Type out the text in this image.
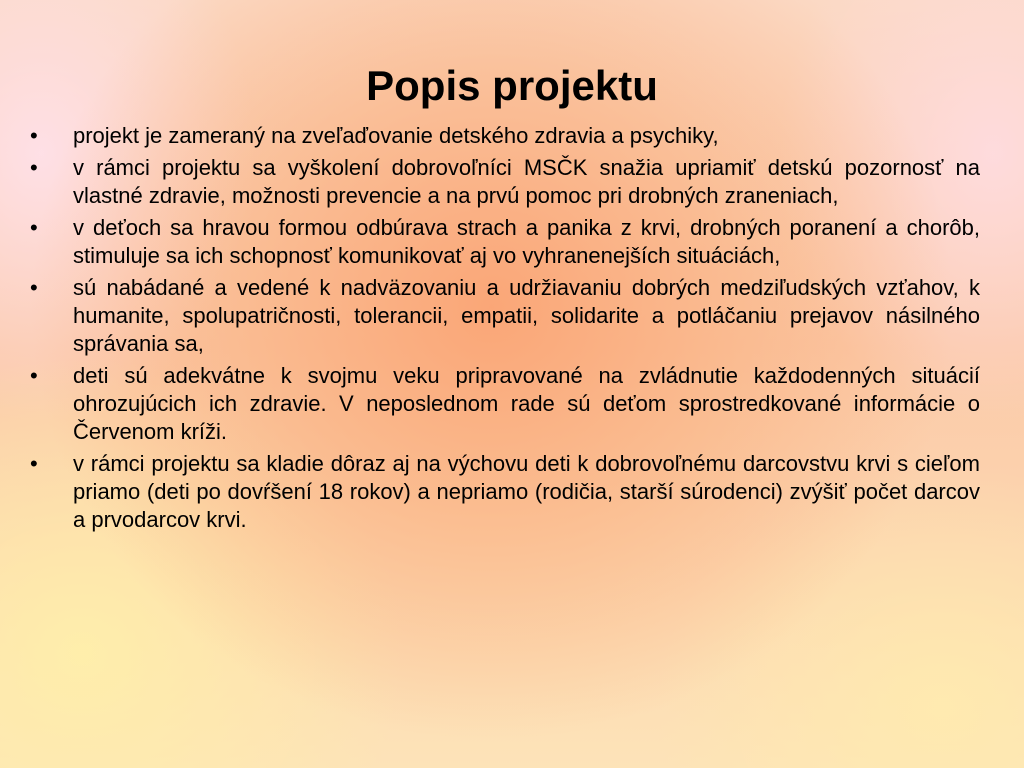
Popis projektu
•	projekt je zameraný na zveľaďovanie detského zdravia a psychiky,
•	v rámci projektu sa vyškolení dobrovoľníci MSČK snažia upriamiť detskú pozornosť na vlastné zdravie, možnosti prevencie a na prvú pomoc pri drobných zraneniach,
•	v deťoch sa hravou formou odbúrava strach a panika z krvi, drobných poranení a chorôb, stimuluje sa ich schopnosť komunikovať aj vo vyhranenejších situáciách,
•	sú nabádané a vedené k nadväzovaniu a udržiavaniu dobrých medziľudských vzťahov, k humanite, spolupatričnosti, tolerancii, empatii, solidarite a potláčaniu prejavov násilného správania sa,
•	deti sú adekvátne k svojmu veku pripravované na zvládnutie každodenných situácií ohrozujúcich ich zdravie. V neposlednom rade sú deťom sprostredkované informácie o Červenom kríži.
•	v rámci projektu sa kladie dôraz aj na výchovu deti k dobrovoľnému darcovstvu krvi s cieľom priamo (deti po dovŕšení 18 rokov) a nepriamo (rodičia, starší súrodenci) zvýšiť počet darcov a prvodarcov krvi.
